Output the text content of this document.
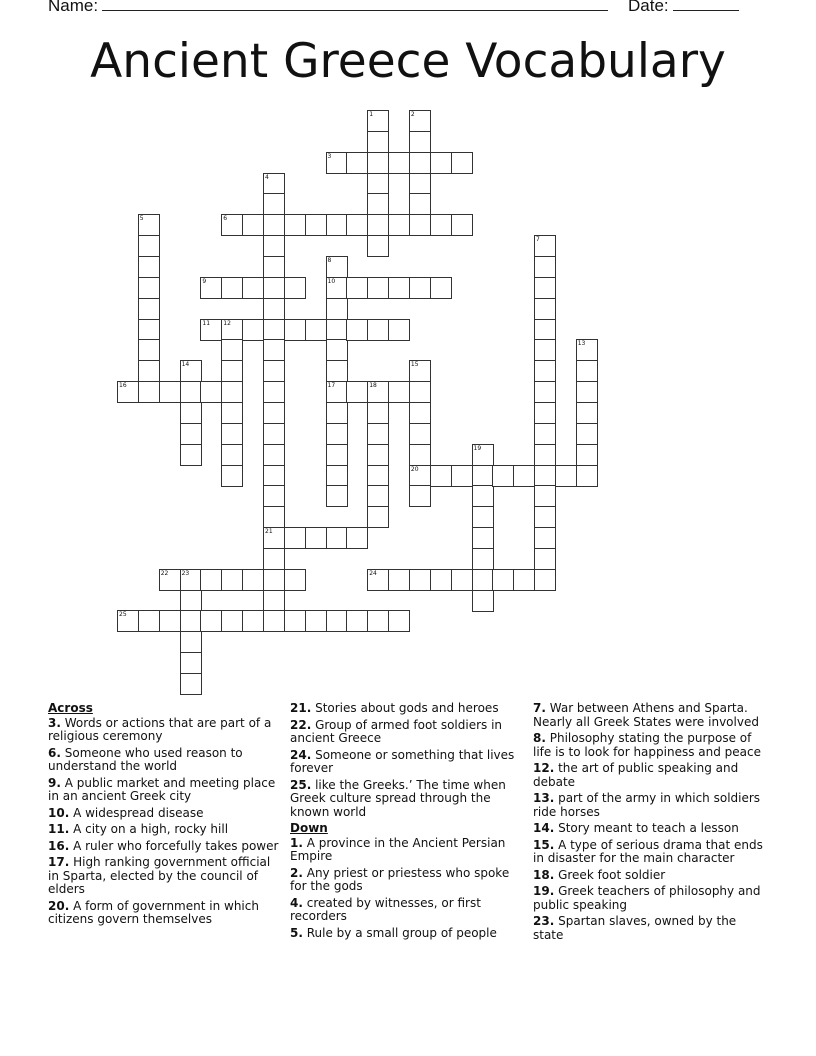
Name:	Date:
Ancient Greece Vocabulary
1	2
3
4
21
5	6
7
8
10
17
9
11 12
13
14	15
20
16	18
19
22 23	24
25
Across

3. Words or actions that are part of a religious ceremony

6. Someone who used reason to understand the world

9. A public market and meeting place in an ancient Greek city

10. A widespread disease

11. A city on a high, rocky hill

16. A ruler who forcefully takes power

17. High ranking government official in Sparta, elected by the council of elders

20. A form of government in which citizens govern themselves

21. Stories about gods and heroes

22. Group of armed foot soldiers in ancient Greece

24. Someone or something that lives forever

25. like the Greeks.’ The time when Greek culture spread through the known world

Down

1. A province in the Ancient Persian Empire

2. Any priest or priestess who spoke for the gods

4. created by witnesses, or first recorders

5. Rule by a small group of people

7. War between Athens and Sparta. Nearly all Greek States were involved

8. Philosophy stating the purpose of life is to look for happiness and peace

12. the art of public speaking and debate

13. part of the army in which soldiers ride horses

14. Story meant to teach a lesson

15. A type of serious drama that ends in disaster for the main character

18. Greek foot soldier

19. Greek teachers of philosophy and public speaking

23. Spartan slaves, owned by the state
